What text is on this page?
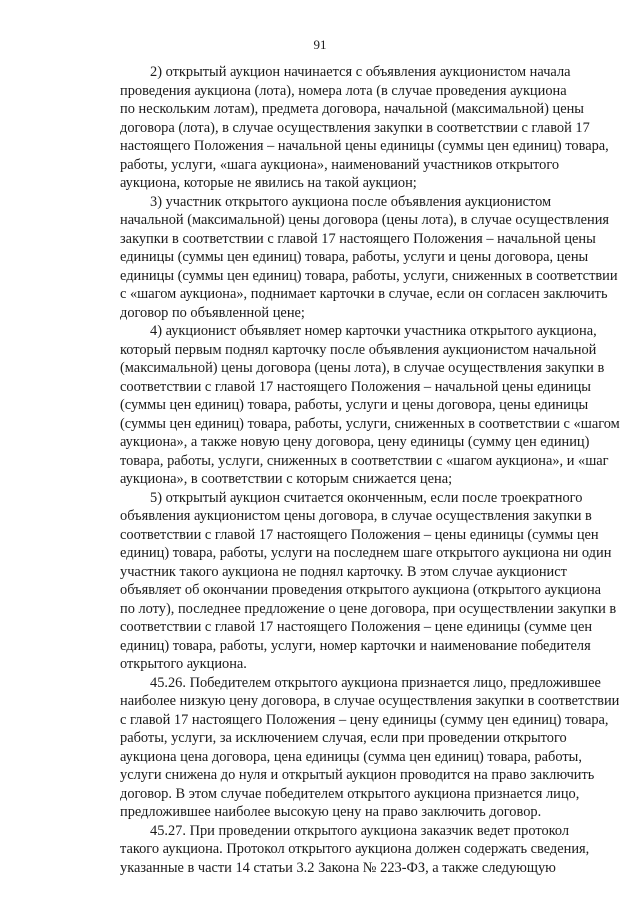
91
2) открытый аукцион начинается с объявления аукционистом начала
проведения аукциона (лота), номера лота (в случае проведения аукциона
по нескольким лотам), предмета договора, начальной (максимальной) цены
договора (лота), в случае осуществления закупки в соответствии с главой 17
настоящего Положения – начальной цены единицы (суммы цен единиц) товара,
работы, услуги, «шага аукциона», наименований участников открытого
аукциона, которые не явились на такой аукцион;
3) участник открытого аукциона после объявления аукционистом
начальной (максимальной) цены договора (цены лота), в случае осуществления
закупки в соответствии с главой 17 настоящего Положения – начальной цены
единицы (суммы цен единиц) товара, работы, услуги и цены договора, цены
единицы (суммы цен единиц) товара, работы, услуги, сниженных в соответствии
с «шагом аукциона», поднимает карточки в случае, если он согласен заключить
договор по объявленной цене;
4) аукционист объявляет номер карточки участника открытого аукциона,
который первым поднял карточку после объявления аукционистом начальной
(максимальной) цены договора (цены лота), в случае осуществления закупки в
соответствии с главой 17 настоящего Положения – начальной цены единицы
(суммы цен единиц) товара, работы, услуги и цены договора, цены единицы
(суммы цен единиц) товара, работы, услуги, сниженных в соответствии с «шагом
аукциона», а также новую цену договора, цену единицы (сумму цен единиц)
товара, работы, услуги, сниженных в соответствии с «шагом аукциона», и «шаг
аукциона», в соответствии с которым снижается цена;
5) открытый аукцион считается оконченным, если после троекратного
объявления аукционистом цены договора, в случае осуществления закупки в
соответствии с главой 17 настоящего Положения – цены единицы (суммы цен
единиц) товара, работы, услуги на последнем шаге открытого аукциона ни один
участник такого аукциона не поднял карточку. В этом случае аукционист
объявляет об окончании проведения открытого аукциона (открытого аукциона
по лоту), последнее предложение о цене договора, при осуществлении закупки в
соответствии с главой 17 настоящего Положения – цене единицы (сумме цен
единиц) товара, работы, услуги, номер карточки и наименование победителя
открытого аукциона.
45.26. Победителем открытого аукциона признается лицо, предложившее
наиболее низкую цену договора, в случае осуществления закупки в соответствии
с главой 17 настоящего Положения – цену единицы (сумму цен единиц) товара,
работы, услуги, за исключением случая, если при проведении открытого
аукциона цена договора, цена единицы (сумма цен единиц) товара, работы,
услуги снижена до нуля и открытый аукцион проводится на право заключить
договор. В этом случае победителем открытого аукциона признается лицо,
предложившее наиболее высокую цену на право заключить договор.
45.27. При проведении открытого аукциона заказчик ведет протокол
такого аукциона. Протокол открытого аукциона должен содержать сведения,
указанные в части 14 статьи 3.2 Закона № 223-ФЗ, а также следующую
